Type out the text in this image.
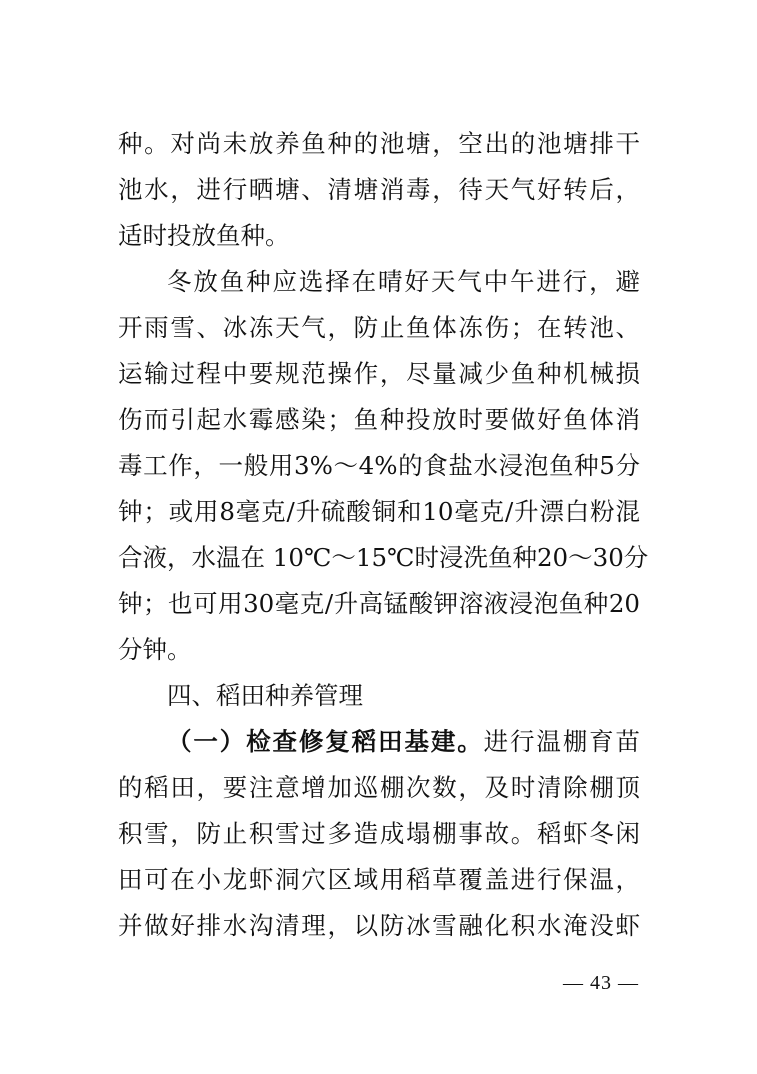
种。对尚未放养鱼种的池塘，空出的池塘排干
池水，进行晒塘、清塘消毒，待天气好转后，
适时投放鱼种。
冬放鱼种应选择在晴好天气中午进行，避
开雨雪、冰冻天气，防止鱼体冻伤；在转池、
运输过程中要规范操作，尽量减少鱼种机械损
伤而引起水霉感染；鱼种投放时要做好鱼体消
毒工作，一般用3%～4%的食盐水浸泡鱼种5分
钟；或用8毫克/升硫酸铜和10毫克/升漂白粉混
合液，水温在 10℃～15℃时浸洗鱼种20～30分
钟；也可用30毫克/升高锰酸钾溶液浸泡鱼种20
分钟。
四、稻田种养管理
（一）检查修复稻田基建。进行温棚育苗
的稻田，要注意增加巡棚次数，及时清除棚顶
积雪，防止积雪过多造成塌棚事故。稻虾冬闲
田可在小龙虾洞穴区域用稻草覆盖进行保温，
并做好排水沟清理，以防冰雪融化积水淹没虾
— 43 —
